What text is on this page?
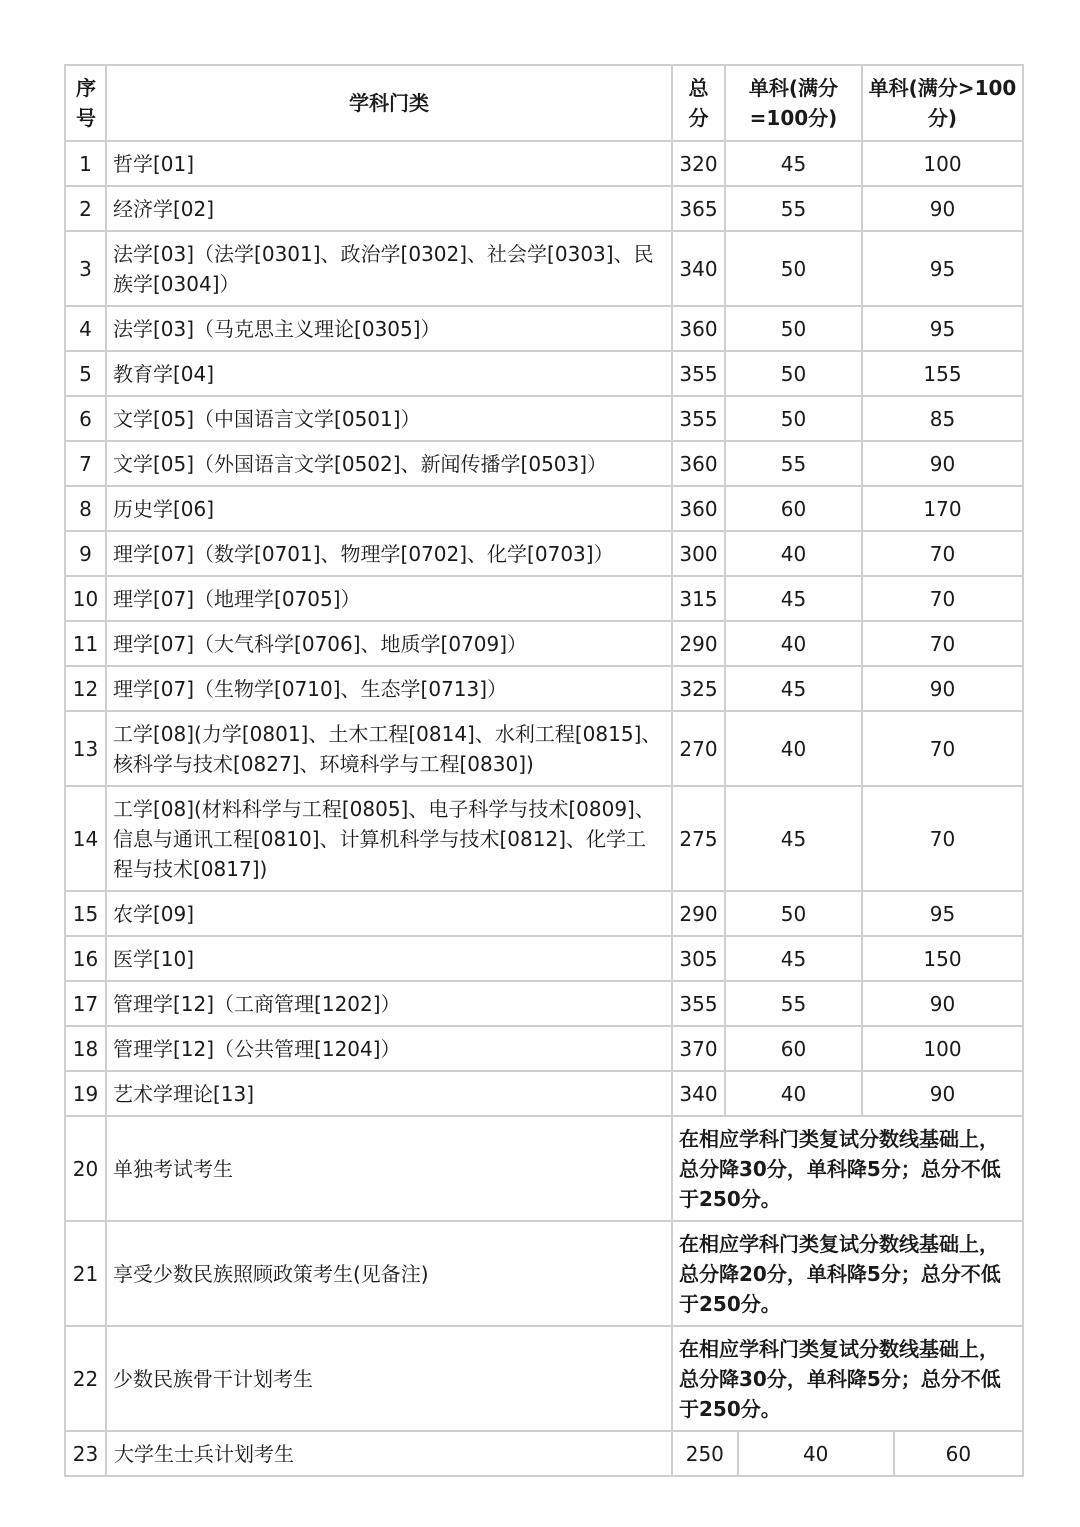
序号	学科门类	总分	单科(满分=100分)	单科(满分>100分)
1	哲学[01]	320	45	100
2	经济学[02]	365	55	90
3	法学[03]（法学[0301]、政治学[0302]、社会学[0303]、民族学[0304]）	340	50	95
4	法学[03]（马克思主义理论[0305]）	360	50	95
5	教育学[04]	355	50	155
6	文学[05]（中国语言文学[0501]）	355	50	85
7	文学[05]（外国语言文学[0502]、新闻传播学[0503]）	360	55	90
8	历史学[06]	360	60	170
9	理学[07]（数学[0701]、物理学[0702]、化学[0703]）	300	40	70
10	理学[07]（地理学[0705]）	315	45	70
11	理学[07]（大气科学[0706]、地质学[0709]）	290	40	70
12	理学[07]（生物学[0710]、生态学[0713]）	325	45	90
13	工学[08](力学[0801]、土木工程[0814]、水利工程[0815]、核科学与技术[0827]、环境科学与工程[0830])	270	40	70
14	工学[08](材料科学与工程[0805]、电子科学与技术[0809]、信息与通讯工程[0810]、计算机科学与技术[0812]、化学工程与技术[0817])	275	45	70
15	农学[09]	290	50	95
16	医学[10]	305	45	150
17	管理学[12]（工商管理[1202]）	355	55	90
18	管理学[12]（公共管理[1204]）	370	60	100
19	艺术学理论[13]	340	40	90
20	单独考试考生	在相应学科门类复试分数线基础上，总分降30分，单科降5分；总分不低于250分。		
21	享受少数民族照顾政策考生(见备注)	在相应学科门类复试分数线基础上，总分降20分，单科降5分；总分不低于250分。		
22	少数民族骨干计划考生	在相应学科门类复试分数线基础上，总分降30分，单科降5分；总分不低于250分。		
23	大学生士兵计划考生	250 40 60		
